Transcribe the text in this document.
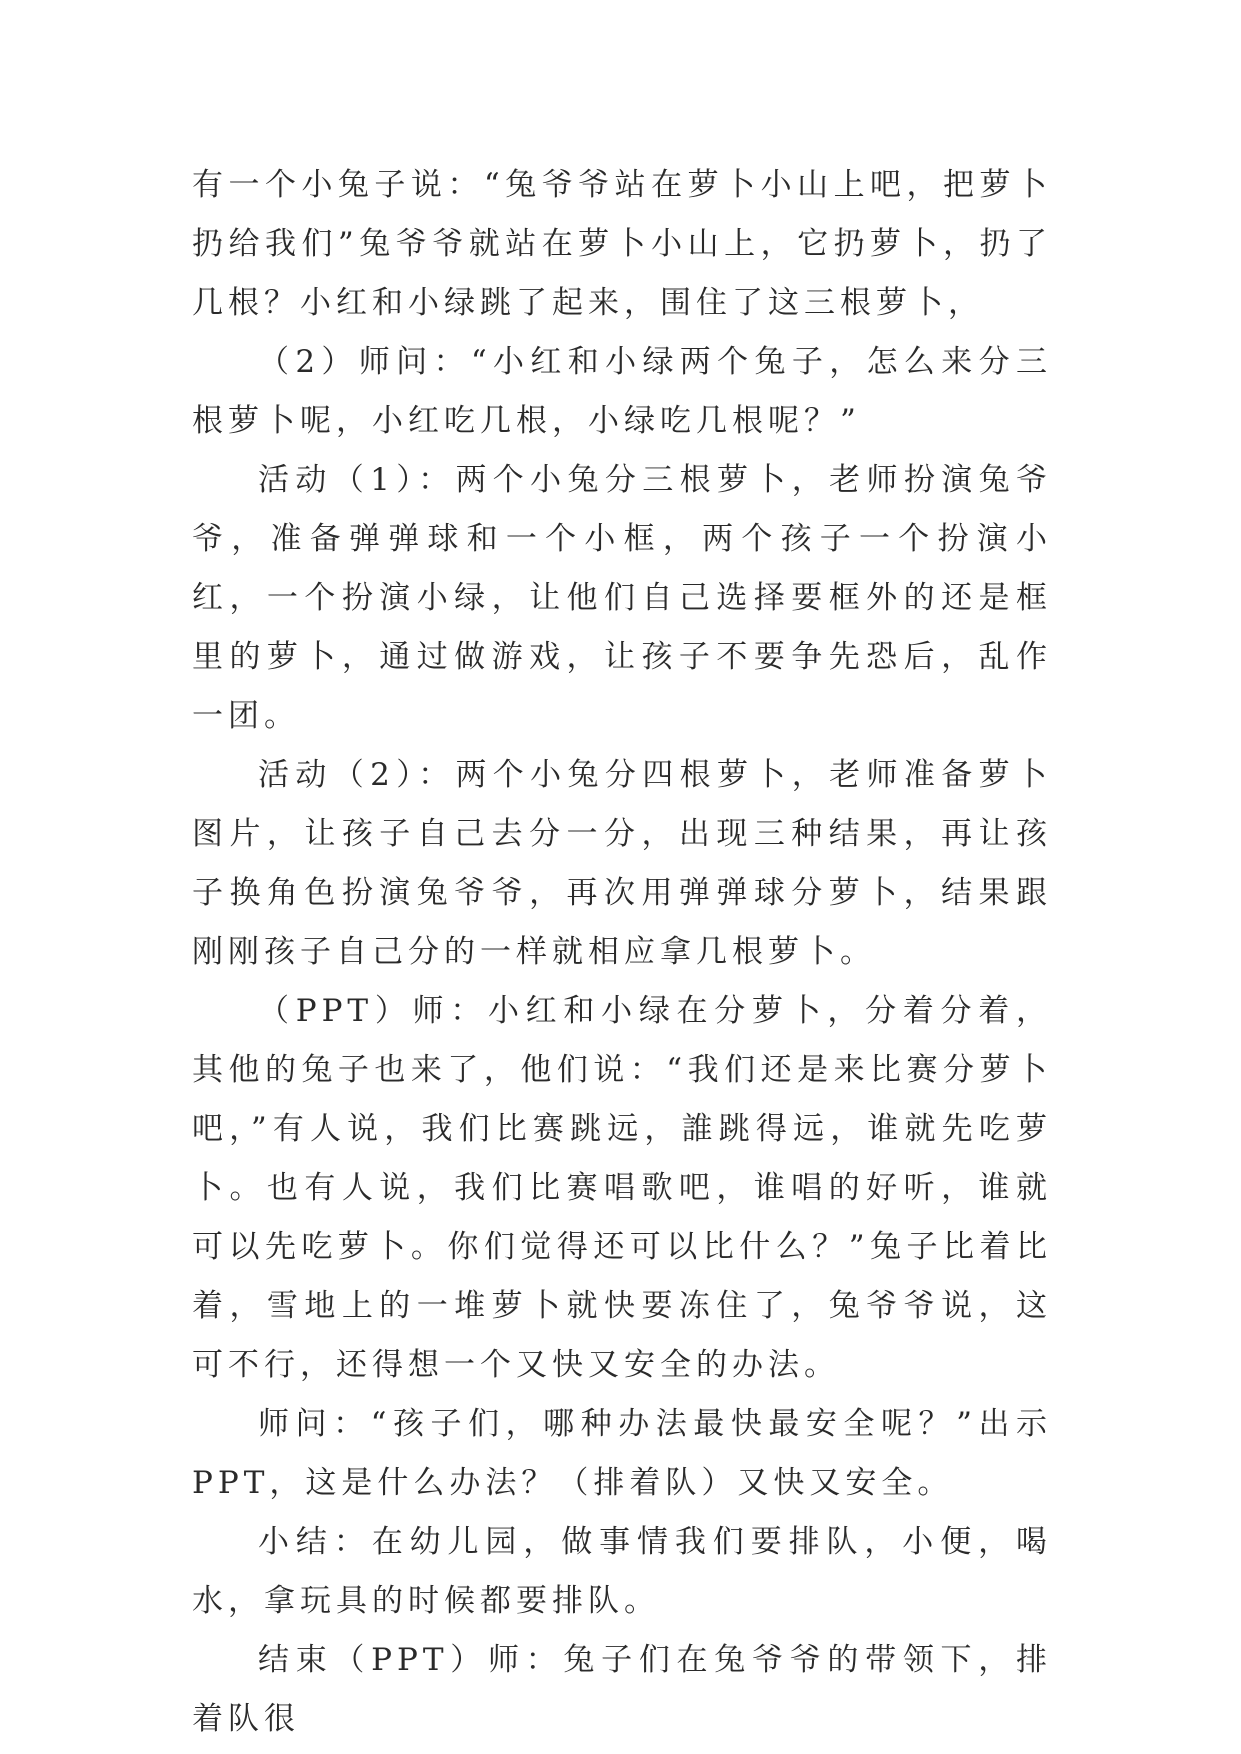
有一个小兔子说：“兔爷爷站在萝卜小山上吧，把萝卜扔给我们”兔爷爷就站在萝卜小山上，它扔萝卜，扔了几根？小红和小绿跳了起来，围住了这三根萝卜，

（2）师问：“小红和小绿两个兔子，怎么来分三根萝卜呢，小红吃几根，小绿吃几根呢？”

活动（1）：两个小兔分三根萝卜，老师扮演兔爷爷，准备弹弹球和一个小框，两个孩子一个扮演小红，一个扮演小绿，让他们自己选择要框外的还是框里的萝卜，通过做游戏，让孩子不要争先恐后，乱作一团。

活动（2）：两个小兔分四根萝卜，老师准备萝卜图片，让孩子自己去分一分，出现三种结果，再让孩子换角色扮演兔爷爷，再次用弹弹球分萝卜，结果跟刚刚孩子自己分的一样就相应拿几根萝卜。

（PPT）师：小红和小绿在分萝卜，分着分着，其他的兔子也来了，他们说：“我们还是来比赛分萝卜吧，”有人说，我们比赛跳远，誰跳得远，谁就先吃萝卜。也有人说，我们比赛唱歌吧，谁唱的好听，谁就可以先吃萝卜。你们觉得还可以比什么？”兔子比着比着，雪地上的一堆萝卜就快要冻住了，兔爷爷说，这可不行，还得想一个又快又安全的办法。

师问：“孩子们，哪种办法最快最安全呢？”出示PPT，这是什么办法？（排着队）又快又安全。

小结：在幼儿园，做事情我们要排队，小便，喝水，拿玩具的时候都要排队。

结束（PPT）师：兔子们在兔爷爷的带领下，排着队很
